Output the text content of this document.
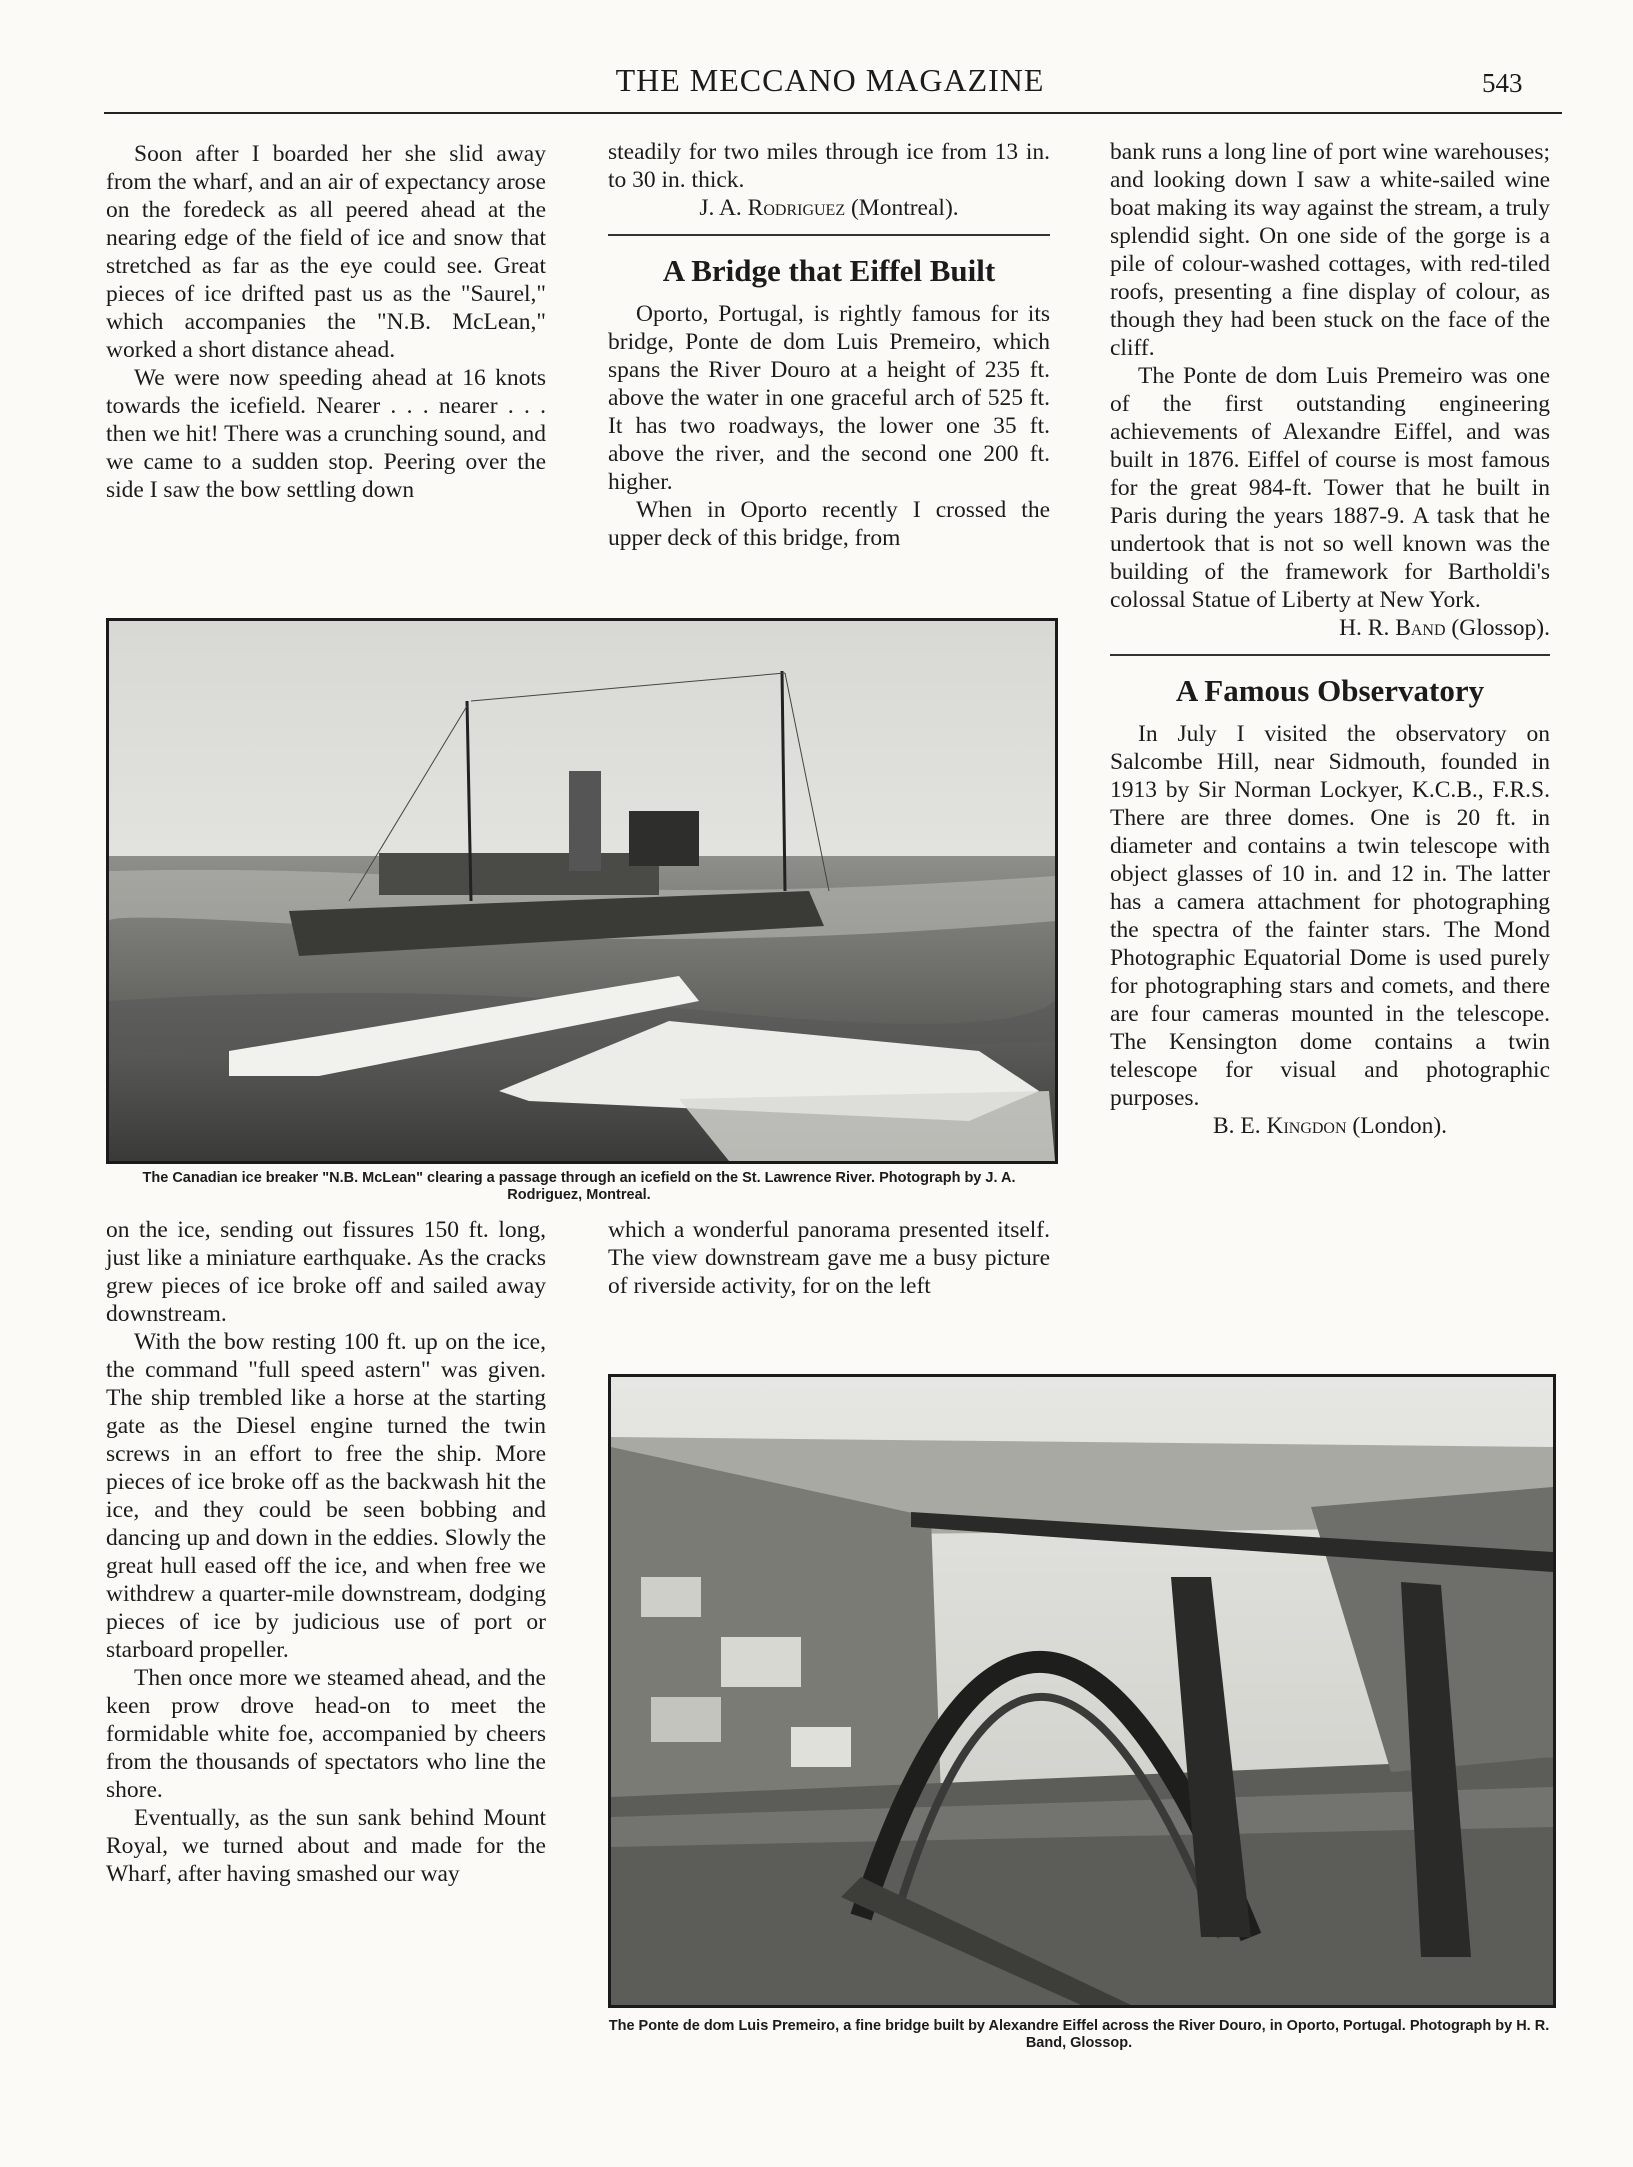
THE MECCANO MAGAZINE	543

Soon after I boarded her she slid away from the wharf, and an air of expectancy arose on the foredeck as all peered ahead at the nearing edge of the field of ice and snow that stretched as far as the eye could see. Great pieces of ice drifted past us as the "Saurel," which accompanies the "N.B. McLean," worked a short distance ahead.

We were now speeding ahead at 16 knots towards the icefield. Nearer . . . nearer . . . then we hit! There was a crunching sound, and we came to a sudden stop. Peering over the side I saw the bow settling down

steadily for two miles through ice from 13 in. to 30 in. thick.

J. A. Rodriguez (Montreal).

A Bridge that Eiffel Built

Oporto, Portugal, is rightly famous for its bridge, Ponte de dom Luis Premeiro, which spans the River Douro at a height of 235 ft. above the water in one graceful arch of 525 ft. It has two roadways, the lower one 35 ft. above the river, and the second one 200 ft. higher.

When in Oporto recently I crossed the upper deck of this bridge, from

bank runs a long line of port wine warehouses; and looking down I saw a white-sailed wine boat making its way against the stream, a truly splendid sight. On one side of the gorge is a pile of colour-washed cottages, with red-tiled roofs, presenting a fine display of colour, as though they had been stuck on the face of the cliff.

The Ponte de dom Luis Premeiro was one of the first outstanding engineering achievements of Alexandre Eiffel, and was built in 1876. Eiffel of course is most famous for the great 984-ft. Tower that he built in Paris during the years 1887-9. A task that he undertook that is not so well known was the building of the framework for Bartholdi's colossal Statue of Liberty at New York.

H. R. Band (Glossop).

A Famous Observatory

In July I visited the observatory on Salcombe Hill, near Sidmouth, founded in 1913 by Sir Norman Lockyer, K.C.B., F.R.S. There are three domes. One is 20 ft. in diameter and contains a twin telescope with object glasses of 10 in. and 12 in. The latter has a camera attachment for photographing the spectra of the fainter stars. The Mond Photographic Equatorial Dome is used purely for photographing stars and comets, and there are four cameras mounted in the telescope. The Kensington dome contains a twin telescope for visual and photographic purposes.

B. E. Kingdon (London).

The Canadian ice breaker "N.B. McLean" clearing a passage through an icefield on the St. Lawrence River. Photograph by J. A. Rodriguez, Montreal.

on the ice, sending out fissures 150 ft. long, just like a miniature earthquake. As the cracks grew pieces of ice broke off and sailed away downstream.

With the bow resting 100 ft. up on the ice, the command "full speed astern" was given. The ship trembled like a horse at the starting gate as the Diesel engine turned the twin screws in an effort to free the ship. More pieces of ice broke off as the backwash hit the ice, and they could be seen bobbing and dancing up and down in the eddies. Slowly the great hull eased off the ice, and when free we withdrew a quarter-mile downstream, dodging pieces of ice by judicious use of port or starboard propeller.

Then once more we steamed ahead, and the keen prow drove head-on to meet the formidable white foe, accompanied by cheers from the thousands of spectators who line the shore.

Eventually, as the sun sank behind Mount Royal, we turned about and made for the Wharf, after having smashed our way

which a wonderful panorama presented itself. The view downstream gave me a busy picture of riverside activity, for on the left

The Ponte de dom Luis Premeiro, a fine bridge built by Alexandre Eiffel across the River Douro, in Oporto, Portugal. Photograph by H. R. Band, Glossop.
